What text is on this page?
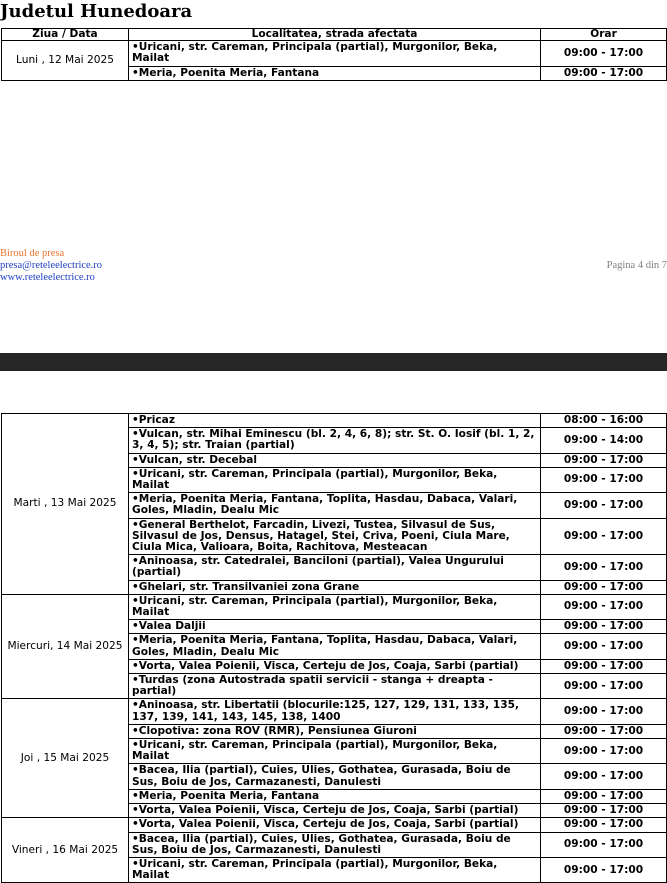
Judetul Hunedoara
Ziua / Data	Localitatea, strada afectata	Orar
Luni , 12 Mai 2025	•Uricani, str. Careman, Principala (partial), Murgonilor, Beka, Mailat	09:00 - 17:00
	•Meria, Poenita Meria, Fantana	09:00 - 17:00
Biroul de presa
presa@reteleelectrice.ro
www.reteleelectrice.ro
Pagina 4 din 7
Marti , 13 Mai 2025	•Pricaz	08:00 - 16:00
	•Vulcan, str. Mihai Eminescu (bl. 2, 4, 6, 8); str. St. O. Iosif (bl. 1, 2, 3, 4, 5); str. Traian (partial)	09:00 - 14:00
	•Vulcan, str. Decebal	09:00 - 17:00
	•Uricani, str. Careman, Principala (partial), Murgonilor, Beka, Mailat	09:00 - 17:00
	•Meria, Poenita Meria, Fantana, Toplita, Hasdau, Dabaca, Valari, Goles, Mladin, Dealu Mic	09:00 - 17:00
	•General Berthelot, Farcadin, Livezi, Tustea, Silvasul de Sus, Silvasul de Jos, Densus, Hatagel, Stei, Criva, Poeni, Ciula Mare, Ciula Mica, Valioara, Boita, Rachitova, Mesteacan	09:00 - 17:00
	•Aninoasa, str. Catedralei, Banciloni (partial), Valea Ungurului (partial)	09:00 - 17:00
	•Ghelari, str. Transilvaniei zona Grane	09:00 - 17:00
Miercuri, 14 Mai 2025	•Uricani, str. Careman, Principala (partial), Murgonilor, Beka, Mailat	09:00 - 17:00
	•Valea Daljii	09:00 - 17:00
	•Meria, Poenita Meria, Fantana, Toplita, Hasdau, Dabaca, Valari, Goles, Mladin, Dealu Mic	09:00 - 17:00
	•Vorta, Valea Poienii, Visca, Certeju de Jos, Coaja, Sarbi (partial)	09:00 - 17:00
	•Turdas (zona Autostrada spatii servicii - stanga + dreapta - partial)	09:00 - 17:00
Joi , 15 Mai 2025	•Aninoasa, str. Libertatii (blocurile:125, 127, 129, 131, 133, 135, 137, 139, 141, 143, 145, 138, 1400	09:00 - 17:00
	•Clopotiva: zona ROV (RMR), Pensiunea Giuroni	09:00 - 17:00
	•Uricani, str. Careman, Principala (partial), Murgonilor, Beka, Mailat	09:00 - 17:00
	•Bacea, Ilia (partial), Cuies, Ulies, Gothatea, Gurasada, Boiu de Sus, Boiu de Jos, Carmazanesti, Danulesti	09:00 - 17:00
	•Meria, Poenita Meria, Fantana	09:00 - 17:00
	•Vorta, Valea Poienii, Visca, Certeju de Jos, Coaja, Sarbi (partial)	09:00 - 17:00
Vineri , 16 Mai 2025	•Vorta, Valea Poienii, Visca, Certeju de Jos, Coaja, Sarbi (partial)	09:00 - 17:00
	•Bacea, Ilia (partial), Cuies, Ulies, Gothatea, Gurasada, Boiu de Sus, Boiu de Jos, Carmazanesti, Danulesti	09:00 - 17:00
	•Uricani, str. Careman, Principala (partial), Murgonilor, Beka, Mailat	09:00 - 17:00
